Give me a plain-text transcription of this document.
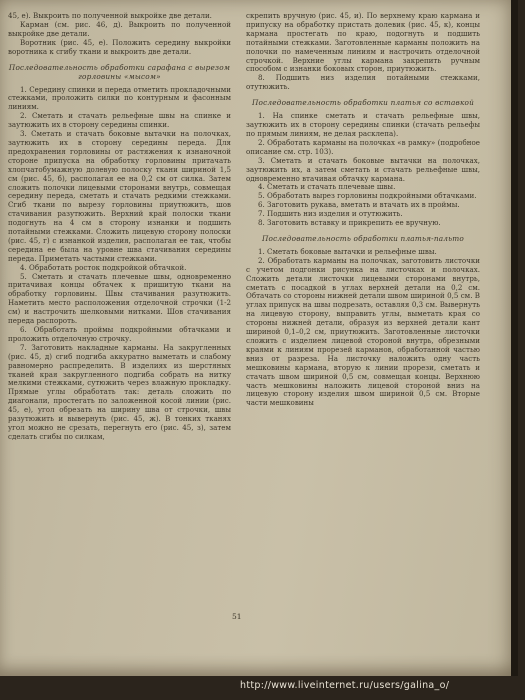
45, е). Выкроить по полученной выкройке две детали.

Карман (см. рис. 46, д). Выкроить по полученной выкройке две детали.

Воротник (рис. 45, е). Положить середину выкройки воротника к сгибу ткани и выкроить две детали.

Последовательность обработки сарафана с вырезом горловины «мысом»

1. Середину спинки и переда отметить прокладочными стежками, проложить силки по контурным и фасонным линиям.

2. Сметать и стачать рельефные швы на спинке и заутюжить их в сторону середины спинки.

3. Сметать и стачать боковые вытачки на полочках, заутюжить их в сторону середины переда. Для предохранения горловины от растяжения к изнаночной стороне припуска на обработку горловины притачать хлопчатобумажную долевую полоску ткани шириной 1,5 см (рис. 45, б), располагая ее на 0,2 см от силка. Затем сложить полочки лицевыми сторонами внутрь, совмещая середину переда, сметать и стачать редкими стежками. Сгиб ткани по вырезу горловины приутюжить, шов стачивания разутюжить. Верхний край полоски ткани подогнуть на 4 см в сторону изнанки и подшить потайными стежками. Сложить лицевую сторону полоски (рис. 45, г) с изнанкой изделия, располагая ее так, чтобы середина ее была на уровне шва стачивания середины переда. Приметать частыми стежками.

4. Обработать росток подкройкой обтачкой.

5. Сметать и стачать плечевые швы, одновременно притачивая концы обтачек к пришитую ткани на обработку горловины. Швы стачивания разутюжить. Наметить место расположения отделочной строчки (1-2 см) и настрочить шелковыми нитками. Шов стачивания переда распороть.

6. Обработать проймы подкройными обтачками и проложить отделочную строчку.

7. Заготовить накладные карманы. На закругленных (рис. 45, д) сгиб подгиба аккуратно выметать и слабому равномерно распределить. В изделиях из шерстяных тканей края закругленного подгиба собрать на нитку мелкими стежками, сутюжить через влажную прокладку. Прямые углы обработать так: деталь сложить по диагонали, простегать по заложенной косой линии (рис. 45, е), угол обрезать на ширину шва от строчки, швы разутюжить и вывернуть (рис. 45, ж). В тонких тканях угол можно не срезать, перегнуть его (рис. 45, з), затем сделать сгибы по силкам,

скрепить вручную (рис. 45, и). По верхнему краю кармана и припуску на обработку пристать долевик (рис. 45, к), концы кармана простегать по краю, подогнуть и подшить потайными стежками. Заготовленные карманы положить на полочки по намеченным линиям и настрочить отделочной строчкой. Верхние углы кармана закрепить ручным способом с изнанки боковых сторон, приутюжить.

8. Подшить низ изделия потайными стежками, отутюжить.

Последовательность обработки платья со вставкой

1. На спинке сметать и стачать рельефные швы, заутюжить их в сторону середины спинки (стачать рельефы по прямым линиям, не делая расклепа).

2. Обработать карманы на полочках «в рамку» (подробное описание см. стр. 103).

3. Сметать и стачать боковые вытачки на полочках, заутюжить их, а затем сметать и стачать рельефные швы, одновременно втачивая обтачку кармана.

4. Сметать и стачать плечевые швы.

5. Обработать вырез горловины подкройными обтачками.

6. Заготовить рукава, вметать и втачать их в проймы.

7. Подшить низ изделия и отутюжить.

8. Заготовить вставку и прикрепить ее вручную.

Последовательность обработки платья-пальто

1. Сметать боковые вытачки и рельефные швы.

2. Обработать карманы на полочках, заготовить листочки с учетом подгонки рисунка на листочках и полочках. Сложить детали листочки лицевыми сторонами внутрь, сметать с посадкой в углах верхней детали на 0,2 см. Обтачать со стороны нижней детали швом шириной 0,5 см. В углах припуск на швы подрезать, оставляя 0,3 см. Вывернуть на лицевую сторону, выправить углы, выметать края со стороны нижней детали, образуя из верхней детали кант шириной 0,1–0,2 см, приутюжить. Заготовленные листочки сложить с изделием лицевой стороной внутрь, обрезными краями к линиям прорезей карманов, обработанной частью вниз от разреза. На листочку наложить одну часть мешковины кармана, вторую к линии прорези, сметать и стачать швом шириной 0,5 см, совмещая концы. Верхнюю часть мешковины наложить лицевой стороной вниз на лицевую сторону изделия швом шириной 0,5 см. Вторые части мешковины

51
http://www.liveinternet.ru/users/galina_o/
